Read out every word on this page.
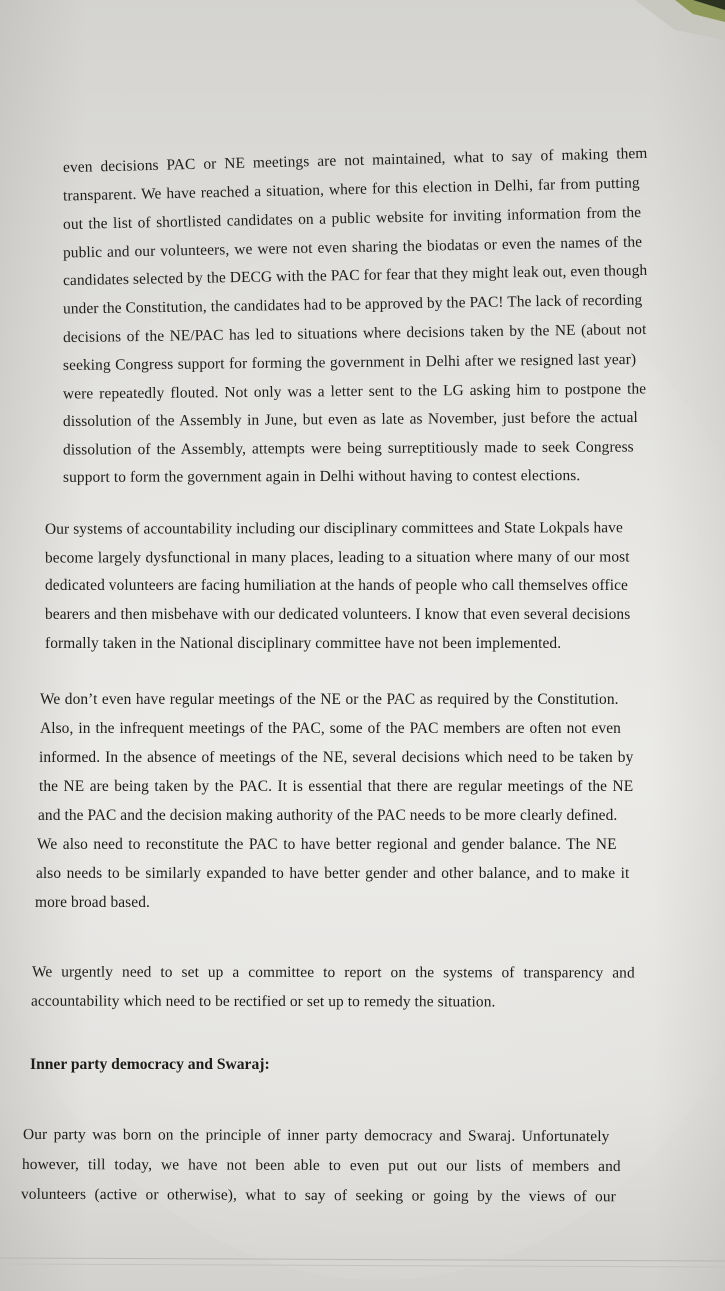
even decisions PAC or NE meetings are not maintained, what to say of making them
transparent. We have reached a situation, where for this election in Delhi, far from putting
out the list of shortlisted candidates on a public website for inviting information from the
public and our volunteers, we were not even sharing the biodatas or even the names of the
candidates selected by the DECG with the PAC for fear that they might leak out, even though
under the Constitution, the candidates had to be approved by the PAC! The lack of recording
decisions of the NE/PAC has led to situations where decisions taken by the NE (about not
seeking Congress support for forming the government in Delhi after we resigned last year)
were repeatedly flouted. Not only was a letter sent to the LG asking him to postpone the
dissolution of the Assembly in June, but even as late as November, just before the actual
dissolution of the Assembly, attempts were being surreptitiously made to seek Congress
support to form the government again in Delhi without having to contest elections.
Our systems of accountability including our disciplinary committees and State Lokpals have
become largely dysfunctional in many places, leading to a situation where many of our most
dedicated volunteers are facing humiliation at the hands of people who call themselves office
bearers and then misbehave with our dedicated volunteers. I know that even several decisions
formally taken in the National disciplinary committee have not been implemented.
We don’t even have regular meetings of the NE or the PAC as required by the Constitution.
Also, in the infrequent meetings of the PAC, some of the PAC members are often not even
informed. In the absence of meetings of the NE, several decisions which need to be taken by
the NE are being taken by the PAC. It is essential that there are regular meetings of the NE
and the PAC and the decision making authority of the PAC needs to be more clearly defined.
We also need to reconstitute the PAC to have better regional and gender balance. The NE
also needs to be similarly expanded to have better gender and other balance, and to make it
more broad based.
We urgently need to set up a committee to report on the systems of transparency and
accountability which need to be rectified or set up to remedy the situation.
Inner party democracy and Swaraj:
Our party was born on the principle of inner party democracy and Swaraj. Unfortunately
however, till today, we have not been able to even put out our lists of members and
volunteers (active or otherwise), what to say of seeking or going by the views of our
